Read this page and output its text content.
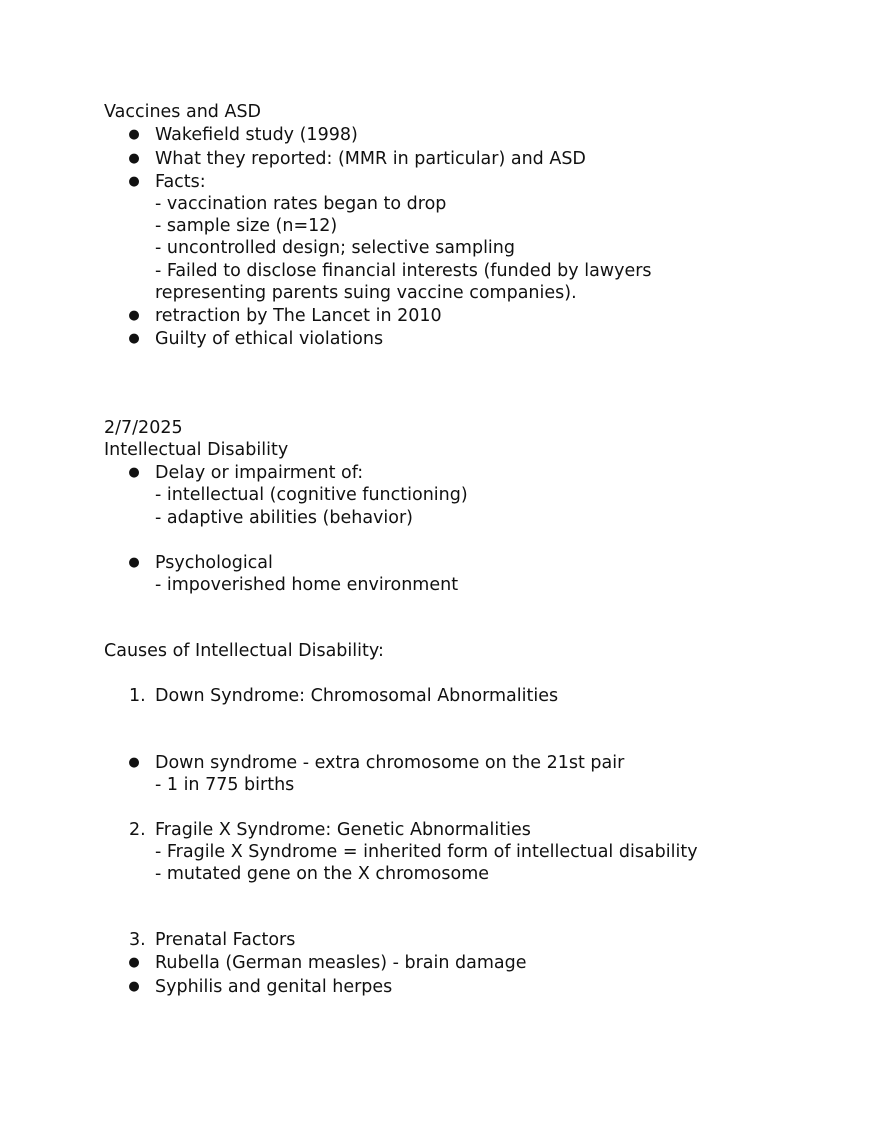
Vaccines and ASD
● Wakefield study (1998)
● What they reported: (MMR in particular) and ASD
● Facts:
- vaccination rates began to drop
- sample size (n=12)
- uncontrolled design; selective sampling
- Failed to disclose financial interests (funded by lawyers
representing parents suing vaccine companies).
● retraction by The Lancet in 2010
● Guilty of ethical violations
2/7/2025
Intellectual Disability
● Delay or impairment of:
- intellectual (cognitive functioning)
- adaptive abilities (behavior)
● Psychological
- impoverished home environment
Causes of Intellectual Disability:
1. Down Syndrome: Chromosomal Abnormalities
● Down syndrome - extra chromosome on the 21st pair
- 1 in 775 births
2. Fragile X Syndrome: Genetic Abnormalities
- Fragile X Syndrome = inherited form of intellectual disability
- mutated gene on the X chromosome
3. Prenatal Factors
● Rubella (German measles) - brain damage
● Syphilis and genital herpes
